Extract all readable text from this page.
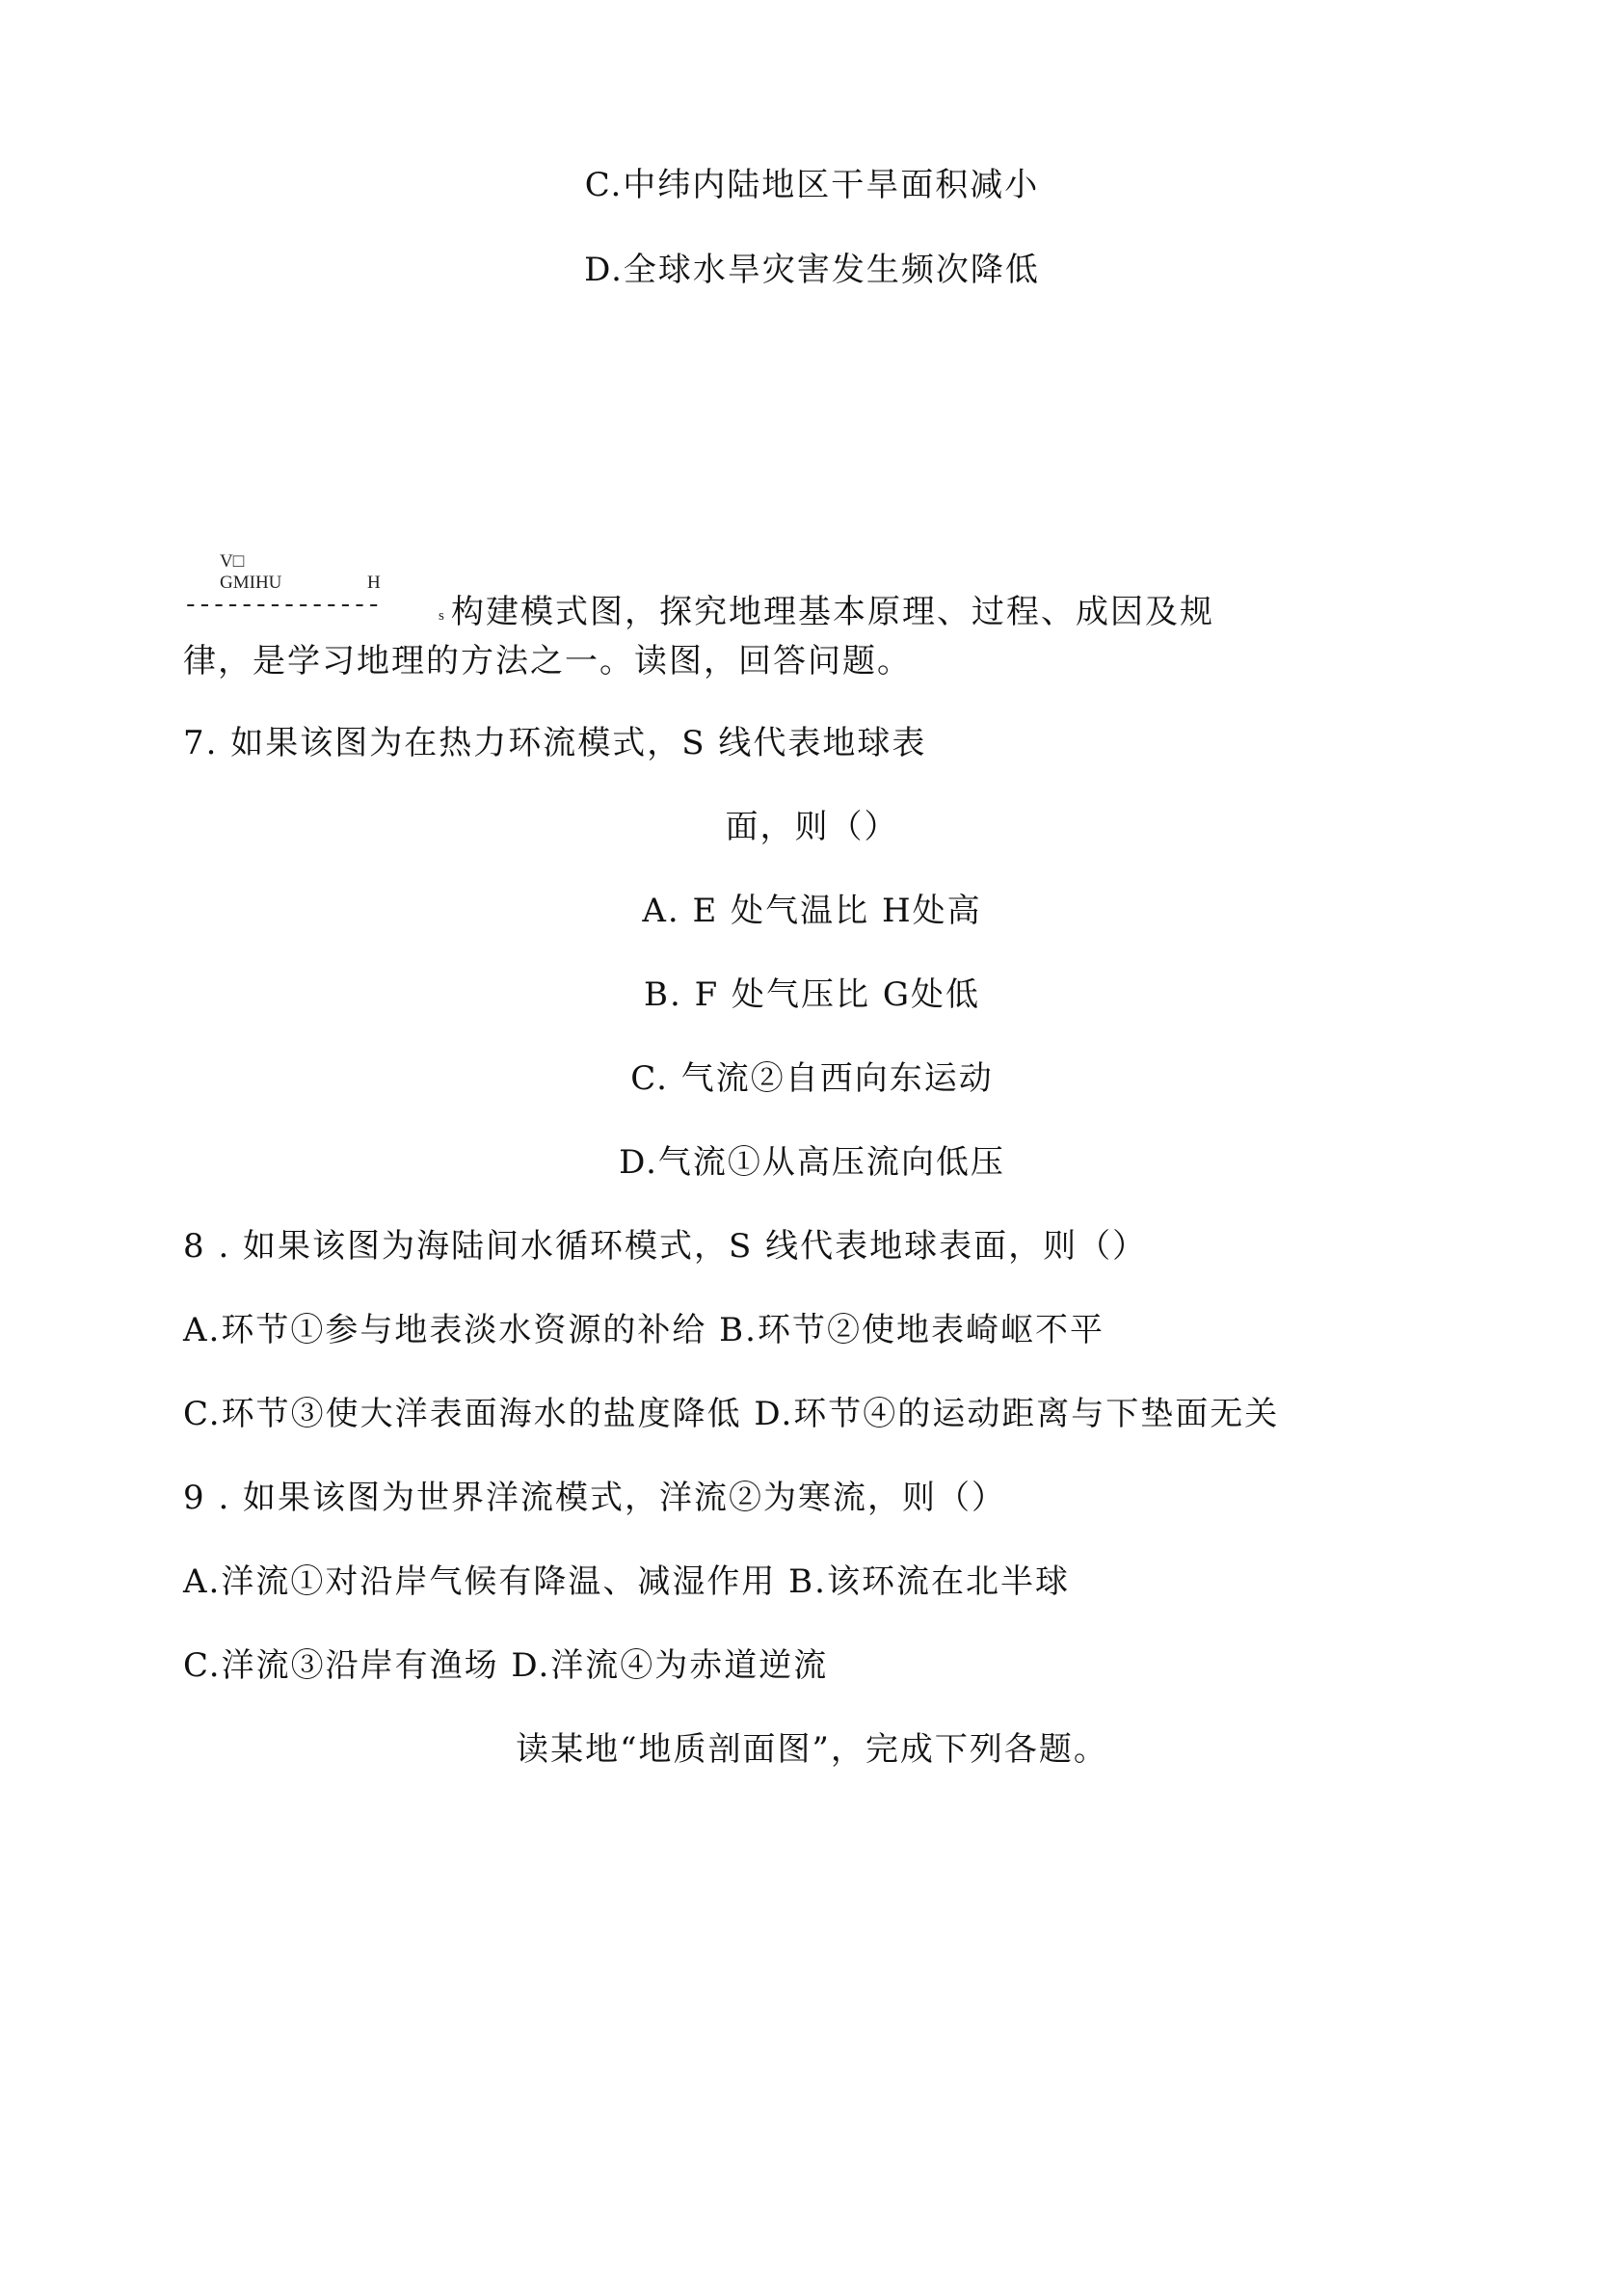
C.中纬内陆地区干旱面积减小
D.全球水旱灾害发生频次降低
V□
GMIHU	H
--------------	s 构建模式图，探究地理基本原理、过程、成因及规
律，是学习地理的方法之一。读图，回答问题。
7. 如果该图为在热力环流模式，S 线代表地球表
面，则（）
A. E 处气温比 H处高
B. F 处气压比 G处低
C. 气流②自西向东运动
D.气流①从高压流向低压
8 . 如果该图为海陆间水循环模式，S 线代表地球表面，则（）
A.环节①参与地表淡水资源的补给 B.环节②使地表崎岖不平
C.环节③使大洋表面海水的盐度降低 D.环节④的运动距离与下垫面无关
9 . 如果该图为世界洋流模式，洋流②为寒流，则（）
A.洋流①对沿岸气候有降温、减湿作用 B.该环流在北半球
C.洋流③沿岸有渔场 D.洋流④为赤道逆流
读某地“地质剖面图”，完成下列各题。
